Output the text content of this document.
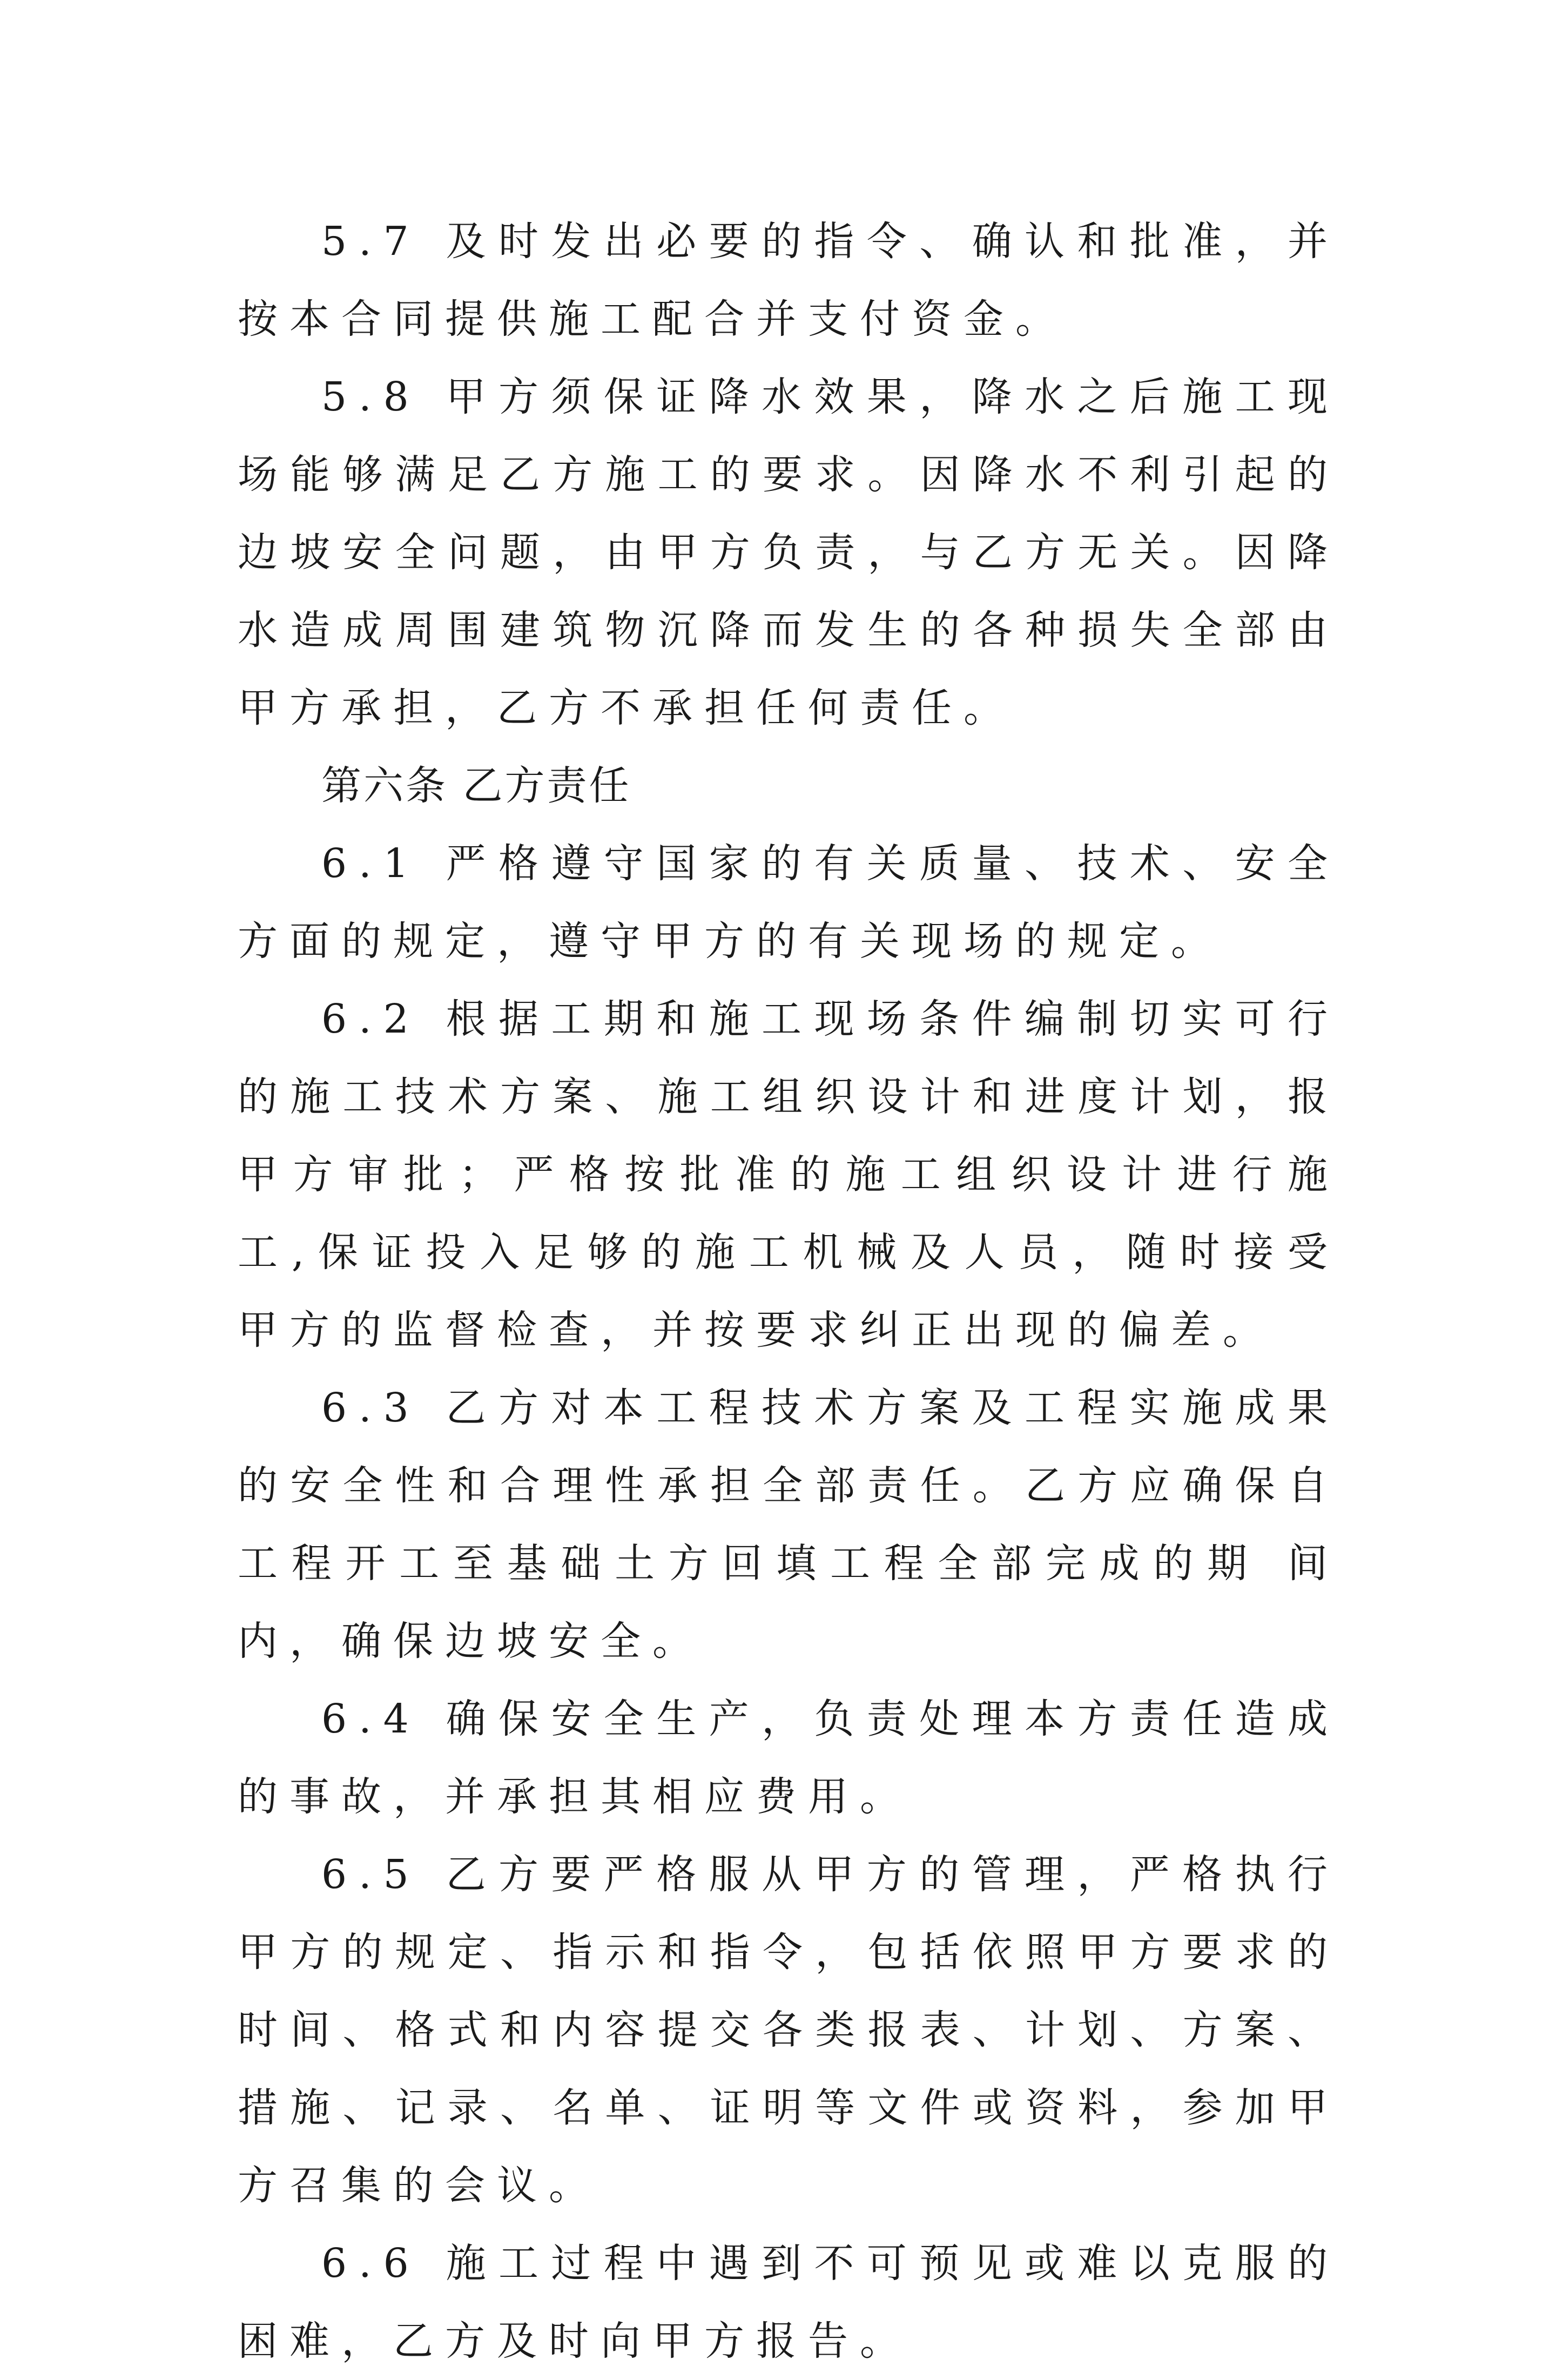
5.7 及时发出必要的指令、确认和批准，并按本合同提供施工配合并支付资金。

5.8 甲方须保证降水效果，降水之后施工现场能够满足乙方施工的要求。因降水不利引起的边坡安全问题，由甲方负责，与乙方无关。因降水造成周围建筑物沉降而发生的各种损失全部由甲方承担，乙方不承担任何责任。

第六条 乙方责任

6.1 严格遵守国家的有关质量、技术、安全方面的规定，遵守甲方的有关现场的规定。

6.2 根据工期和施工现场条件编制切实可行的施工技术方案、施工组织设计和进度计划，报甲方审批；严格按批准的施工组织设计进行施工,保证投入足够的施工机械及人员，随时接受甲方的监督检查，并按要求纠正出现的偏差。

6.3 乙方对本工程技术方案及工程实施成果的安全性和合理性承担全部责任。乙方应确保自工程开工至基础土方回填工程全部完成的期 间内，确保边坡安全。

6.4 确保安全生产，负责处理本方责任造成的事故，并承担其相应费用。

6.5 乙方要严格服从甲方的管理，严格执行甲方的规定、指示和指令，包括依照甲方要求的时间、格式和内容提交各类报表、计划、方案、措施、记录、名单、证明等文件或资料，参加甲方召集的会议。

6.6 施工过程中遇到不可预见或难以克服的困难，乙方及时向甲方报告。
